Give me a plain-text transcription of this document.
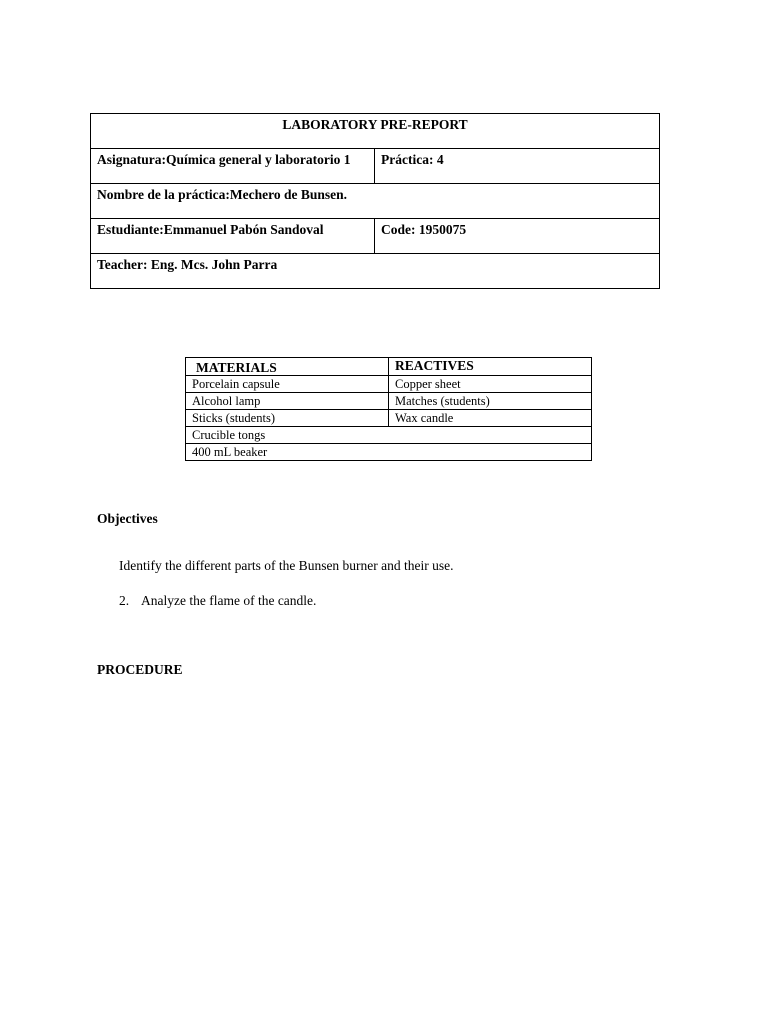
LABORATORY PRE-REPORT	
Asignatura:Química general y laboratorio 1	Práctica: 4
Nombre de la práctica:Mechero de Bunsen.	
Estudiante:Emmanuel Pabón Sandoval	Code: 1950075
Teacher: Eng. Mcs. John Parra	
MATERIALS	REACTIVES
Porcelain capsule	Copper sheet
Alcohol lamp	Matches (students)
Sticks (students)	Wax candle
Crucible tongs	
400 mL beaker	
Objectives
Identify the different parts of the Bunsen burner and their use.
2. Analyze the flame of the candle.
PROCEDURE
